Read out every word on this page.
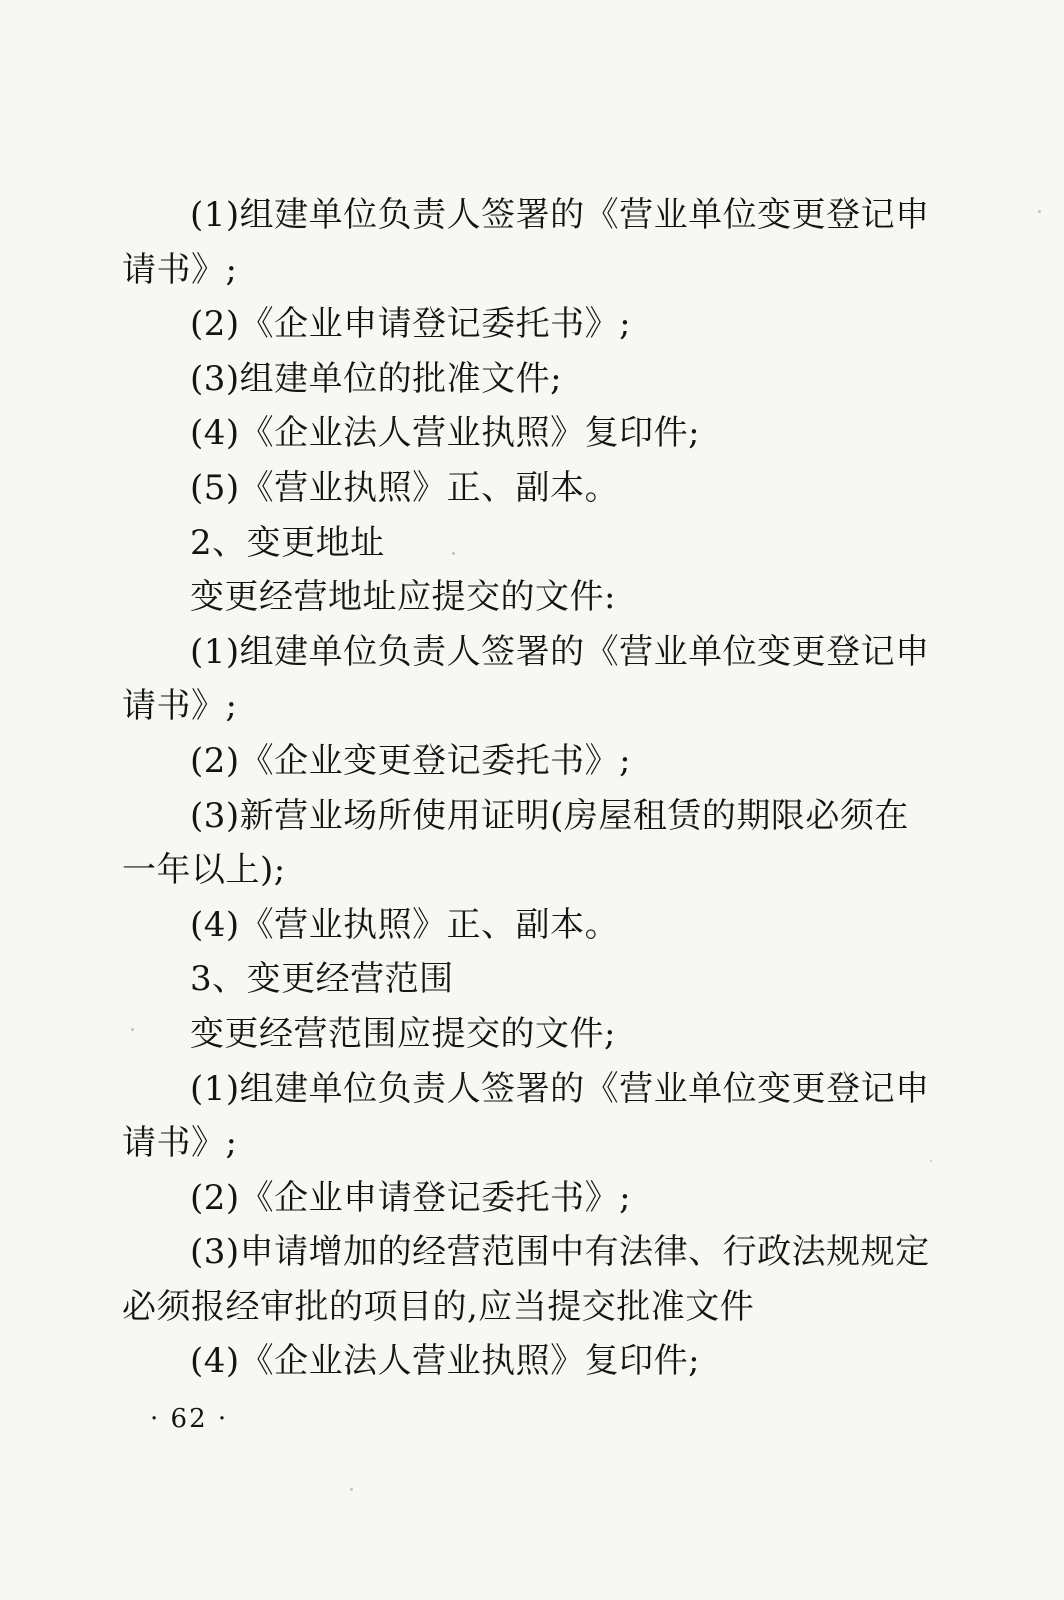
(1)组建单位负责人签署的《营业单位变更登记申请书》;

(2)《企业申请登记委托书》;

(3)组建单位的批准文件;

(4)《企业法人营业执照》复印件;

(5)《营业执照》正、副本。

2、变更地址

变更经营地址应提交的文件:

(1)组建单位负责人签署的《营业单位变更登记申请书》;

(2)《企业变更登记委托书》;

(3)新营业场所使用证明(房屋租赁的期限必须在一年以上);

(4)《营业执照》正、副本。

3、变更经营范围

变更经营范围应提交的文件;

(1)组建单位负责人签署的《营业单位变更登记申请书》;

(2)《企业申请登记委托书》;

(3)申请增加的经营范围中有法律、行政法规规定必须报经审批的项目的,应当提交批准文件

(4)《企业法人营业执照》复印件;

· 62 ·
